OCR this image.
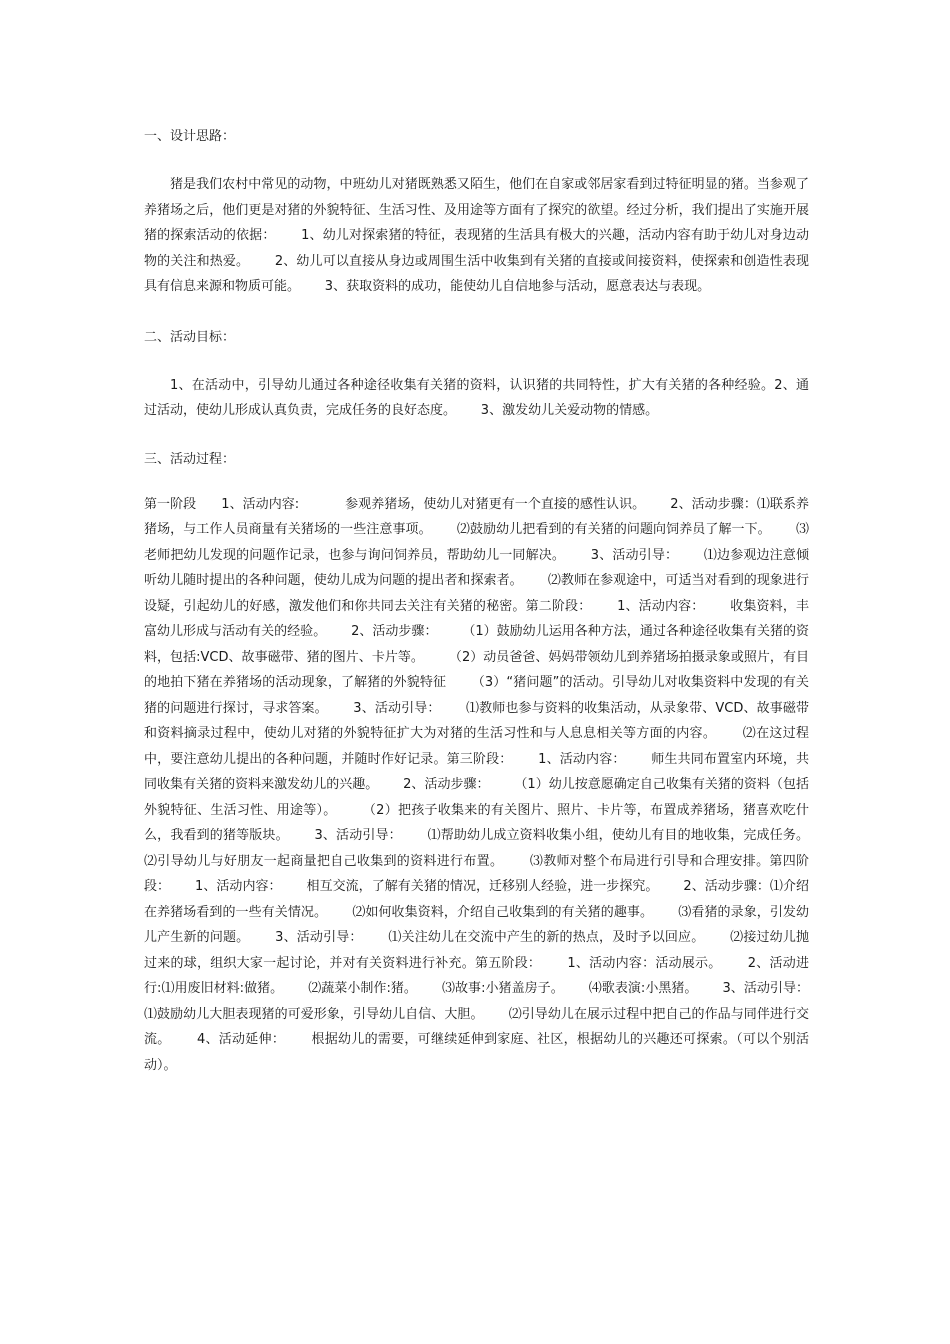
一、设计思路：

猪是我们农村中常见的动物，中班幼儿对猪既熟悉又陌生，他们在自家或邻居家看到过特征明显的猪。当参观了养猪场之后，他们更是对猪的外貌特征、生活习性、及用途等方面有了探究的欲望。经过分析，我们提出了实施开展猪的探索活动的依据：      1、幼儿对探索猪的特征，表现猪的生活具有极大的兴趣，活动内容有助于幼儿对身边动物的关注和热爱。      2、幼儿可以直接从身边或周围生活中收集到有关猪的直接或间接资料，使探索和创造性表现具有信息来源和物质可能。      3、获取资料的成功，能使幼儿自信地参与活动，愿意表达与表现。

二、活动目标：

1、在活动中，引导幼儿通过各种途径收集有关猪的资料，认识猪的共同特性，扩大有关猪的各种经验。2、通过活动，使幼儿形成认真负责，完成任务的良好态度。      3、激发幼儿关爱动物的情感。

三、活动过程：

第一阶段      1、活动内容:           参观养猪场，使幼儿对猪更有一个直接的感性认识。      2、活动步骤：⑴联系养猪场，与工作人员商量有关猪场的一些注意事项。      ⑵鼓励幼儿把看到的有关猪的问题向饲养员了解一下。      ⑶老师把幼儿发现的问题作记录，也参与询问饲养员，帮助幼儿一同解决。      3、活动引导：      ⑴边参观边注意倾听幼儿随时提出的各种问题，使幼儿成为问题的提出者和探索者。      ⑵教师在参观途中，可适当对看到的现象进行设疑，引起幼儿的好感，激发他们和你共同去关注有关猪的秘密。第二阶段：      1、活动内容：      收集资料，丰富幼儿形成与活动有关的经验。      2、活动步骤：      （1）鼓励幼儿运用各种方法，通过各种途径收集有关猪的资料，包括:VCD、故事磁带、猪的图片、卡片等。      （2）动员爸爸、妈妈带领幼儿到养猪场拍摄录象或照片，有目的地拍下猪在养猪场的活动现象，了解猪的外貌特征      （3）“猪问题”的活动。引导幼儿对收集资料中发现的有关猪的问题进行探讨，寻求答案。      3、活动引导：      ⑴教师也参与资料的收集活动，从录象带、VCD、故事磁带和资料摘录过程中，使幼儿对猪的外貌特征扩大为对猪的生活习性和与人息息相关等方面的内容。      ⑵在这过程中，要注意幼儿提出的各种问题，并随时作好记录。第三阶段：      1、活动内容：      师生共同布置室内环境，共同收集有关猪的资料来激发幼儿的兴趣。      2、活动步骤：      （1）幼儿按意愿确定自己收集有关猪的资料（包括外貌特征、生活习性、用途等）。      （2）把孩子收集来的有关图片、照片、卡片等，布置成养猪场，猪喜欢吃什么，我看到的猪等版块。      3、活动引导：      ⑴帮助幼儿成立资料收集小组，使幼儿有目的地收集，完成任务。      ⑵引导幼儿与好朋友一起商量把自己收集到的资料进行布置。      ⑶教师对整个布局进行引导和合理安排。第四阶段：      1、活动内容：      相互交流，了解有关猪的情况，迁移别人经验，进一步探究。      2、活动步骤：⑴介绍在养猪场看到的一些有关情况。      ⑵如何收集资料，介绍自己收集到的有关猪的趣事。      ⑶看猪的录象，引发幼儿产生新的问题。      3、活动引导：      ⑴关注幼儿在交流中产生的新的热点，及时予以回应。      ⑵接过幼儿抛过来的球，组织大家一起讨论，并对有关资料进行补充。第五阶段：      1、活动内容：活动展示。      2、活动进行:⑴用废旧材料:做猪。      ⑵蔬菜小制作:猪。      ⑶故事:小猪盖房子。      ⑷歌表演:小黑猪。      3、活动引导：      ⑴鼓励幼儿大胆表现猪的可爱形象，引导幼儿自信、大胆。      ⑵引导幼儿在展示过程中把自己的作品与同伴进行交流。      4、活动延伸：      根据幼儿的需要，可继续延伸到家庭、社区，根据幼儿的兴趣还可探索。（可以个别活动）。
